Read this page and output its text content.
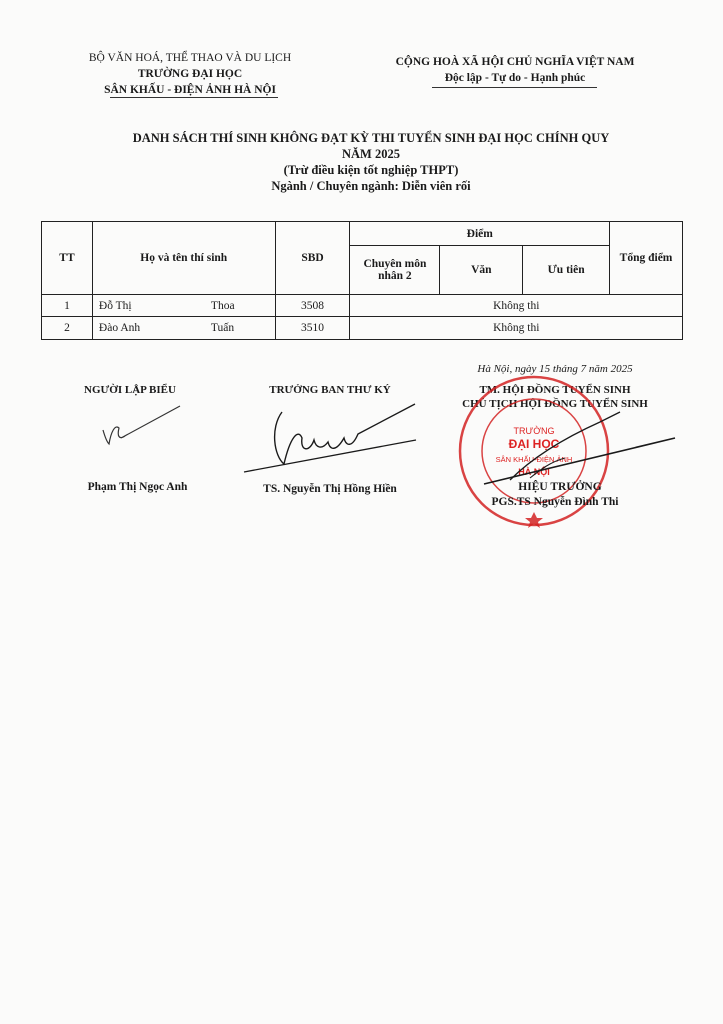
BỘ VĂN HOÁ, THỂ THAO VÀ DU LỊCH
TRƯỜNG ĐẠI HỌC
SÂN KHẤU - ĐIỆN ẢNH HÀ NỘI
CỘNG HOÀ XÃ HỘI CHỦ NGHĨA VIỆT NAM
Độc lập - Tự do - Hạnh phúc
DANH SÁCH THÍ SINH KHÔNG ĐẠT KỲ THI TUYỂN SINH ĐẠI HỌC CHÍNH QUY
NĂM 2025
(Trừ điều kiện tốt nghiệp THPT)
Ngành / Chuyên ngành: Diễn viên rối
TT	Họ và tên thí sinh	SBD	Điểm			Tổng điểm
			Chuyên môn nhân 2	Văn	Ưu tiên	
1	Đỗ Thị Thoa	3508	Không thi			
2	Đào Anh Tuấn	3510	Không thi			
Hà Nội, ngày 15 tháng 7 năm 2025
NGƯỜI LẬP BIỂU
Phạm Thị Ngọc Anh
TRƯỞNG BAN THƯ KÝ
TS. Nguyễn Thị Hồng Hiền
TM. HỘI ĐỒNG TUYỂN SINH
CHỦ TỊCH HỘI ĐỒNG TUYỂN SINH
TRƯỜNG
ĐẠI HỌC
SÂN KHẤU-ĐIỆN ẢNH
HÀ NỘI
HIỆU TRƯỞNG
PGS.TS Nguyễn Đình Thi
